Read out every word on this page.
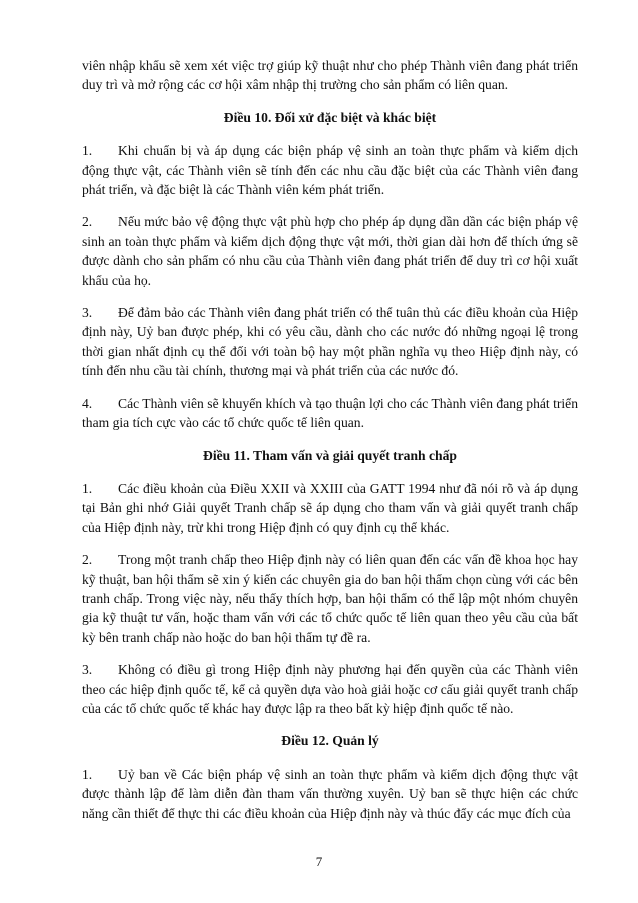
viên nhập khẩu sẽ xem xét việc trợ giúp kỹ thuật như cho phép Thành viên đang phát triển duy trì và mở rộng các cơ hội xâm nhập thị trường cho sản phẩm có liên quan.

Điều 10. Đối xử đặc biệt và khác biệt

1. Khi chuẩn bị và áp dụng các biện pháp vệ sinh an toàn thực phẩm và kiểm dịch động thực vật, các Thành viên sẽ tính đến các nhu cầu đặc biệt của các Thành viên đang phát triển, và đặc biệt là các Thành viên kém phát triển.

2. Nếu mức bảo vệ động thực vật phù hợp cho phép áp dụng dần dần các biện pháp vệ sinh an toàn thực phẩm và kiểm dịch động thực vật mới, thời gian dài hơn để thích ứng sẽ được dành cho sản phẩm có nhu cầu của Thành viên đang phát triển để duy trì cơ hội xuất khẩu của họ.

3. Để đảm bảo các Thành viên đang phát triển có thể tuân thủ các điều khoản của Hiệp định này, Uỷ ban được phép, khi có yêu cầu, dành cho các nước đó những ngoại lệ trong thời gian nhất định cụ thể đối với toàn bộ hay một phần nghĩa vụ theo Hiệp định này, có tính đến nhu cầu tài chính, thương mại và phát triển của các nước đó.

4. Các Thành viên sẽ khuyến khích và tạo thuận lợi cho các Thành viên đang phát triển tham gia tích cực vào các tổ chức quốc tế liên quan.

Điều 11. Tham vấn và giải quyết tranh chấp

1. Các điều khoản của Điều XXII và XXIII của GATT 1994 như đã nói rõ và áp dụng tại Bản ghi nhớ Giải quyết Tranh chấp sẽ áp dụng cho tham vấn và giải quyết tranh chấp của Hiệp định này, trừ khi trong Hiệp định có quy định cụ thể khác.

2. Trong một tranh chấp theo Hiệp định này có liên quan đến các vấn đề khoa học hay kỹ thuật, ban hội thẩm sẽ xin ý kiến các chuyên gia do ban hội thẩm chọn cùng với các bên tranh chấp. Trong việc này, nếu thấy thích hợp, ban hội thẩm có thể lập một nhóm chuyên gia kỹ thuật tư vấn, hoặc tham vấn với các tổ chức quốc tế liên quan theo yêu cầu của bất kỳ bên tranh chấp nào hoặc do ban hội thẩm tự đề ra.

3. Không có điều gì trong Hiệp định này phương hại đến quyền của các Thành viên theo các hiệp định quốc tế, kể cả quyền dựa vào hoà giải hoặc cơ cấu giải quyết tranh chấp của các tổ chức quốc tế khác hay được lập ra theo bất kỳ hiệp định quốc tế nào.

Điều 12. Quản lý

1. Uỷ ban về Các biện pháp vệ sinh an toàn thực phẩm và kiểm dịch động thực vật được thành lập để làm diễn đàn tham vấn thường xuyên. Uỷ ban sẽ thực hiện các chức năng cần thiết để thực thi các điều khoản của Hiệp định này và thúc đẩy các mục đích của

7
